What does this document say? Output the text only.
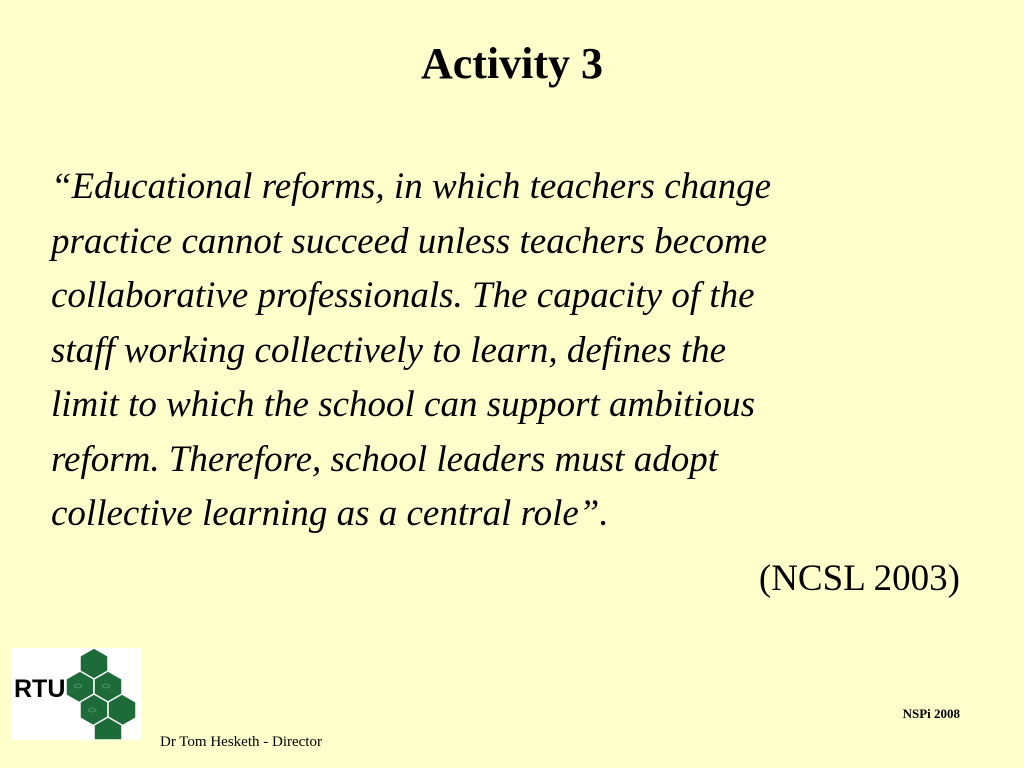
Activity 3

“Educational reforms, in which teachers change
practice cannot succeed unless teachers become
collaborative professionals. The capacity of the
staff working collectively to learn, defines the
limit to which the school can support ambitious
reform. Therefore, school leaders must adopt
collective learning as a central role”.

(NCSL 2003)

RTU
Dr Tom Hesketh - Director
NSPi 2008
